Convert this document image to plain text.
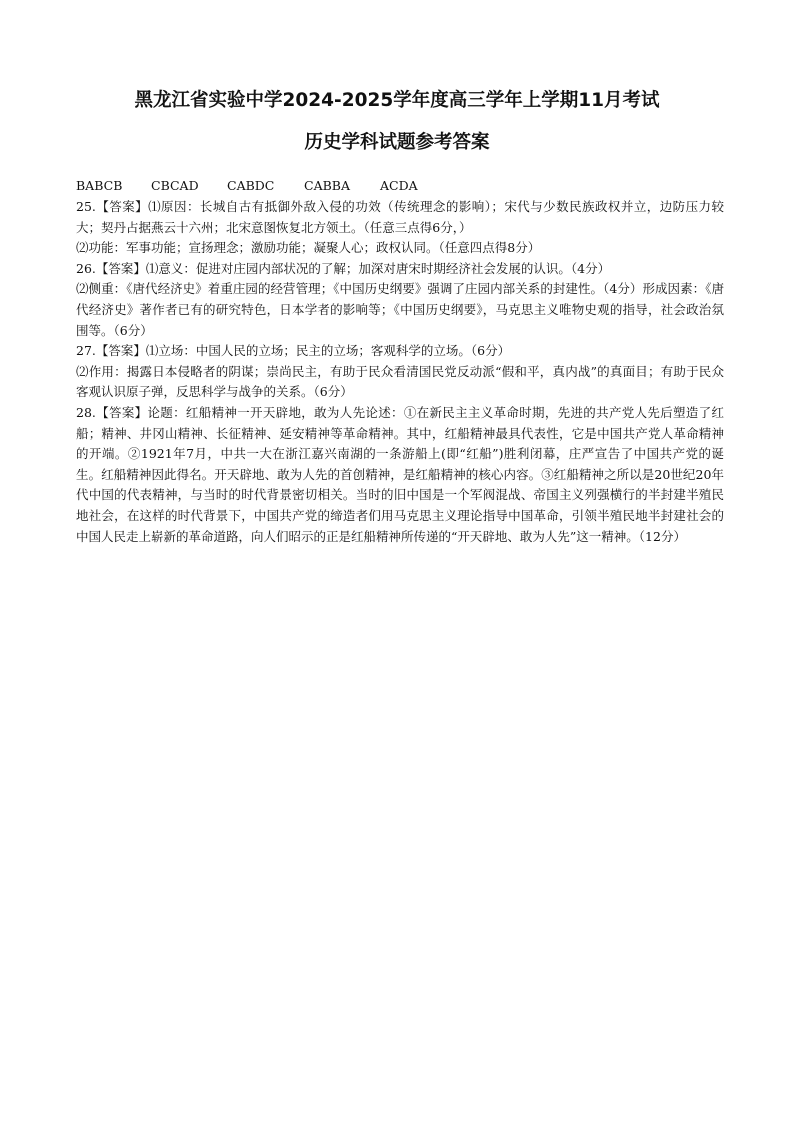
黑龙江省实验中学2024-2025学年度高三学年上学期11月考试
历史学科试题参考答案
BABCB CBCAD CABDC CABBA ACDA

25.【答案】⑴原因：长城自古有抵御外敌入侵的功效（传统理念的影响）；宋代与少数民族政权并立，边防压力较大；契丹占据燕云十六州；北宋意图恢复北方领土。（任意三点得6分，）

⑵功能：军事功能；宣扬理念；激励功能；凝聚人心；政权认同。（任意四点得8分）

26.【答案】⑴意义：促进对庄园内部状况的了解；加深对唐宋时期经济社会发展的认识。（4分）

⑵侧重：《唐代经济史》着重庄园的经营管理；《中国历史纲要》强调了庄园内部关系的封建性。（4分）形成因素：《唐代经济史》著作者已有的研究特色，日本学者的影响等；《中国历史纲要》，马克思主义唯物史观的指导，社会政治氛围等。（6分）

27.【答案】⑴立场：中国人民的立场；民主的立场；客观科学的立场。（6分）

⑵作用：揭露日本侵略者的阴谋；崇尚民主，有助于民众看清国民党反动派“假和平，真内战”的真面目；有助于民众客观认识原子弹，反思科学与战争的关系。（6分）

28.【答案】论题：红船精神一开天辟地，敢为人先论述：①在新民主主义革命时期，先进的共产党人先后塑造了红船；精神、井冈山精神、长征精神、延安精神等革命精神。其中，红船精神最具代表性，它是中国共产党人革命精神的开端。②1921年7月，中共一大在浙江嘉兴南湖的一条游船上(即“红船”)胜利闭幕，庄严宣告了中国共产党的诞生。红船精神因此得名。开天辟地、敢为人先的首创精神，是红船精神的核心内容。③红船精神之所以是20世纪20年代中国的代表精神，与当时的时代背景密切相关。当时的旧中国是一个军阀混战、帝国主义列强横行的半封建半殖民地社会，在这样的时代背景下，中国共产党的缔造者们用马克思主义理论指导中国革命，引领半殖民地半封建社会的中国人民走上崭新的革命道路，向人们昭示的正是红船精神所传递的“开天辟地、敢为人先”这一精神。（12分）
